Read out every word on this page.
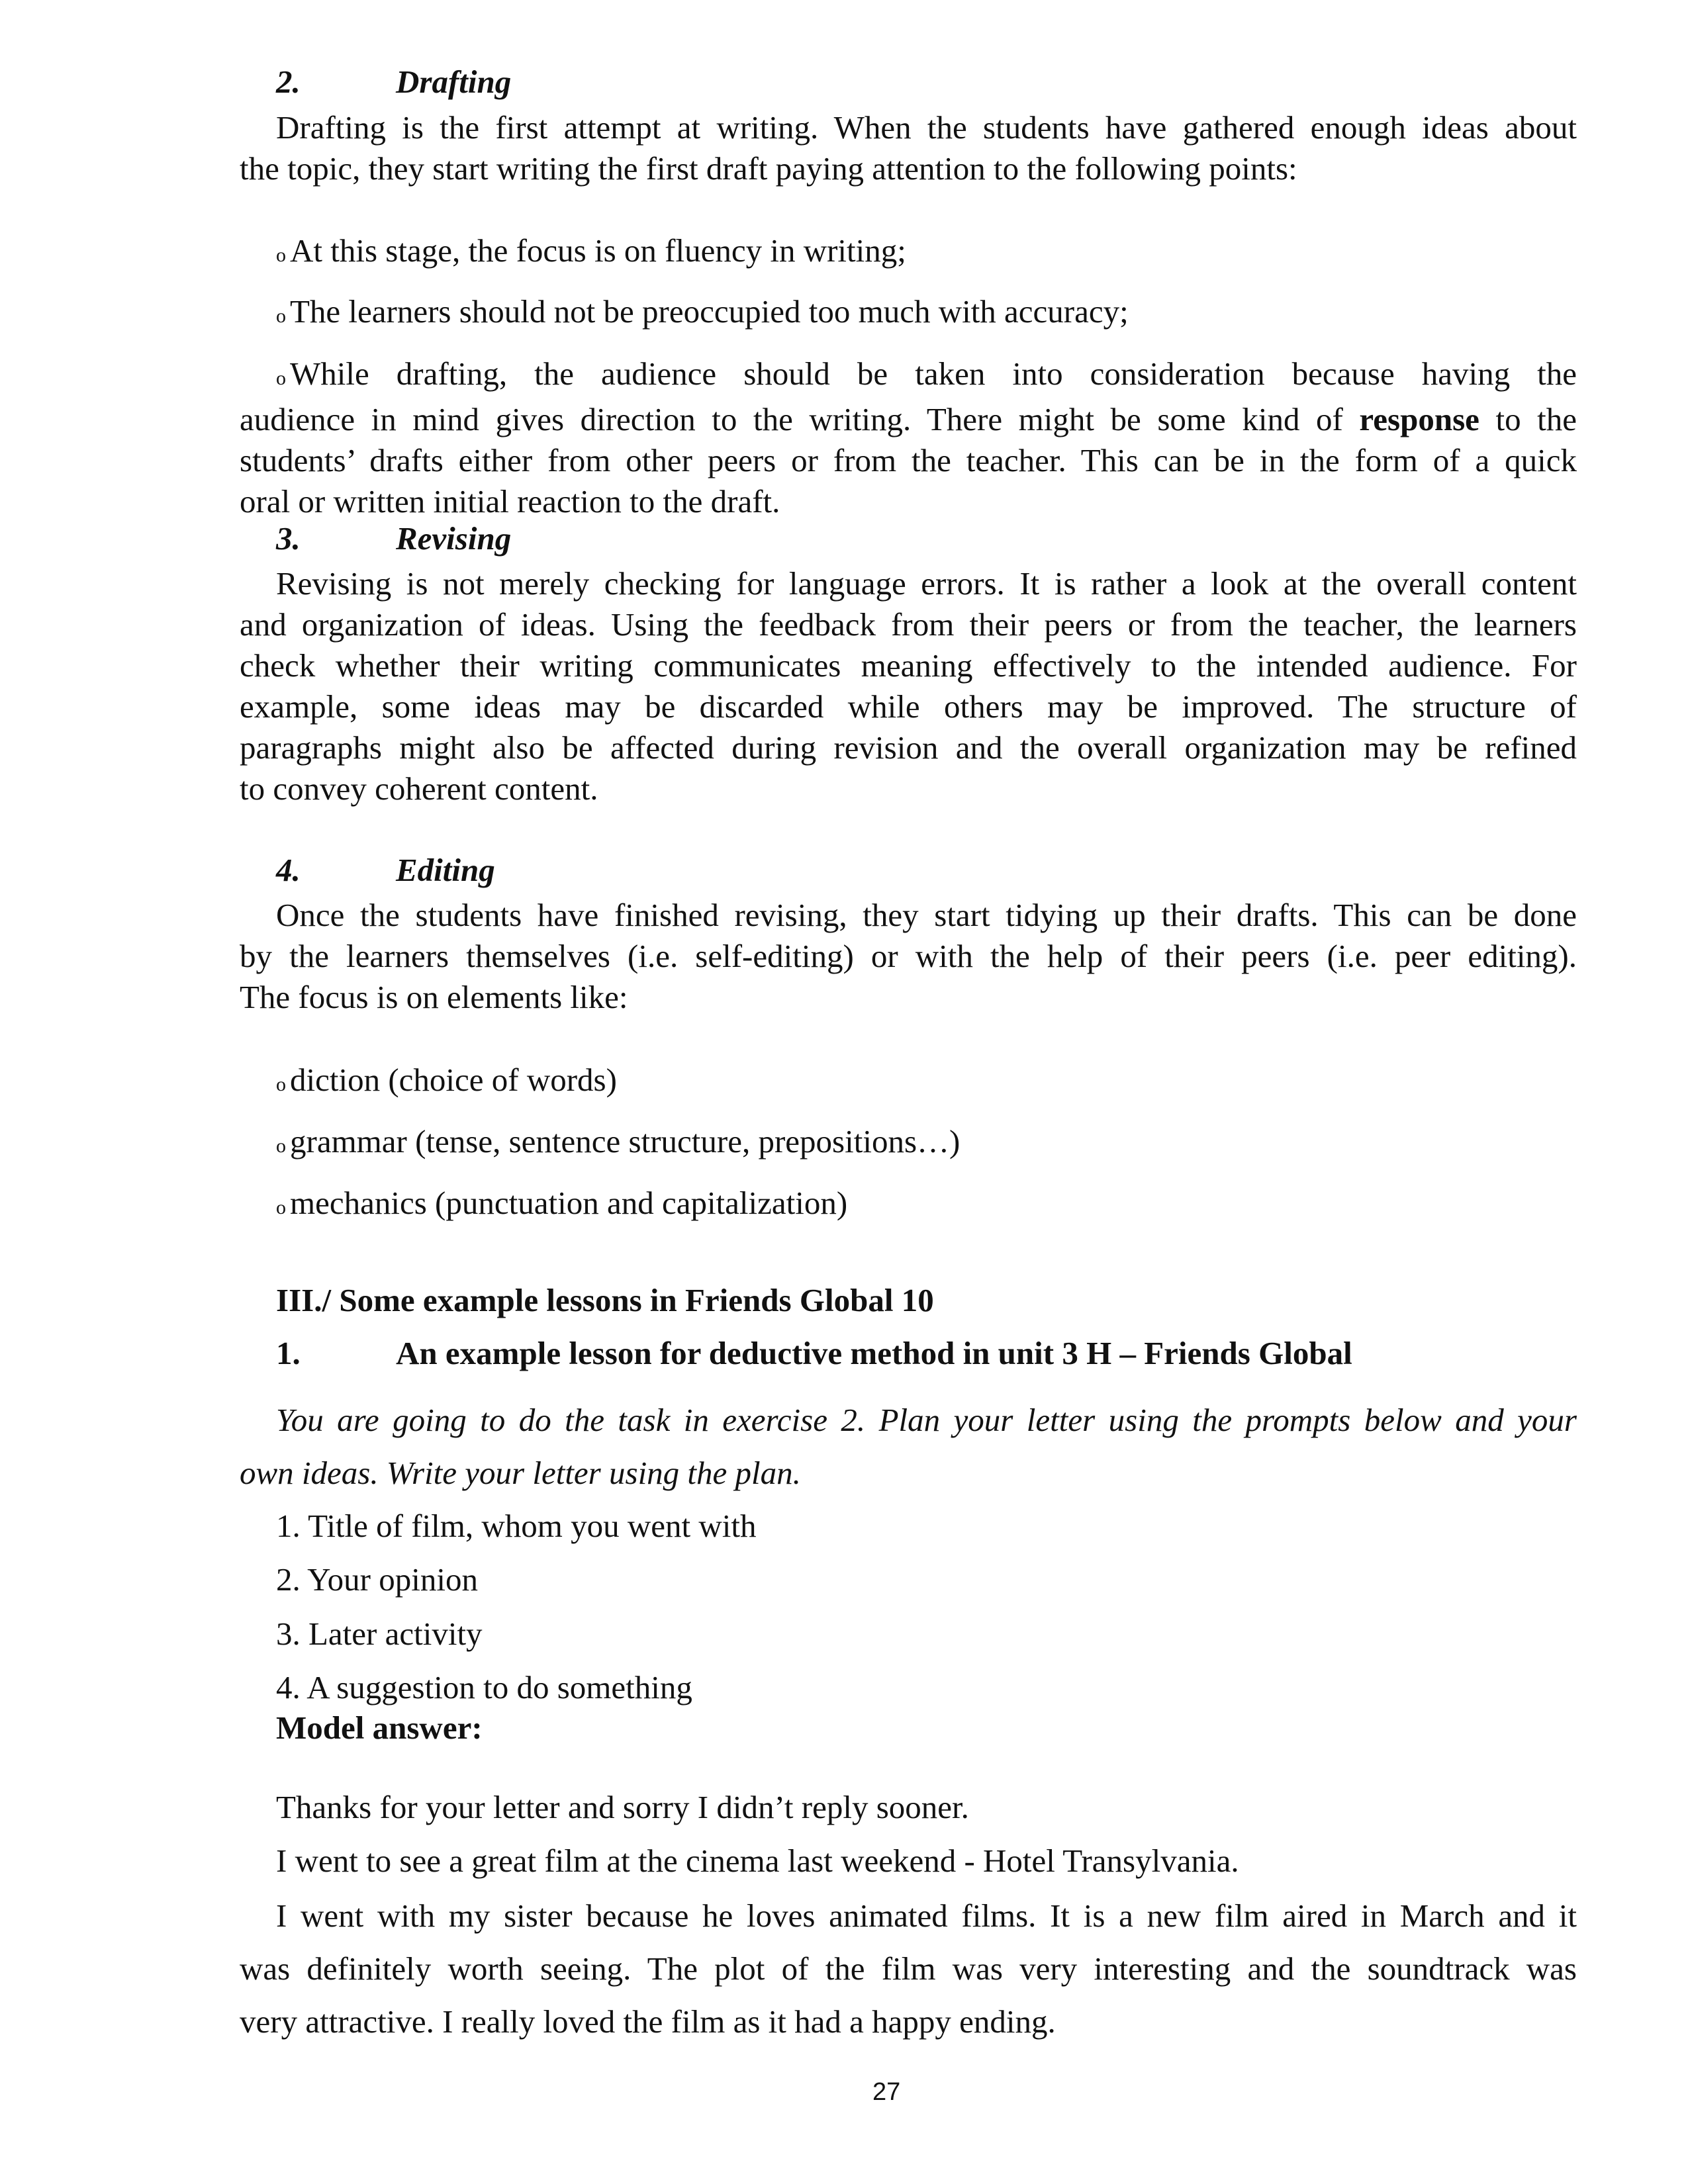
2.	Drafting
Drafting is the first attempt at writing. When the students have gathered enough ideas about
the topic, they start writing the first draft paying attention to the following points:
o At this stage, the focus is on fluency in writing;
o The learners should not be preoccupied too much with accuracy;
o While drafting, the audience should be taken into consideration because having the
audience in mind gives direction to the writing. There might be some kind of response to the
students’ drafts either from other peers or from the teacher. This can be in the form of a quick
oral or written initial reaction to the draft.
3.	Revising
Revising is not merely checking for language errors. It is rather a look at the overall content
and organization of ideas. Using the feedback from their peers or from the teacher, the learners
check whether their writing communicates meaning effectively to the intended audience. For
example, some ideas may be discarded while others may be improved. The structure of
paragraphs might also be affected during revision and the overall organization may be refined
to convey coherent content.
4.	Editing
Once the students have finished revising, they start tidying up their drafts. This can be done
by the learners themselves (i.e. self-editing) or with the help of their peers (i.e. peer editing).
The focus is on elements like:
o diction (choice of words)
o grammar (tense, sentence structure, prepositions…)
o mechanics (punctuation and capitalization)
III./ Some example lessons in Friends Global 10
1.	An example lesson for deductive method in unit 3 H – Friends Global
You are going to do the task in exercise 2. Plan your letter using the prompts below and your
own ideas. Write your letter using the plan.
1. Title of film, whom you went with
2. Your opinion
3. Later activity
4. A suggestion to do something
Model answer:
Thanks for your letter and sorry I didn’t reply sooner.
I went to see a great film at the cinema last weekend - Hotel Transylvania.
I went with my sister because he loves animated films. It is a new film aired in March and it
was definitely worth seeing. The plot of the film was very interesting and the soundtrack was
very attractive. I really loved the film as it had a happy ending.
27
